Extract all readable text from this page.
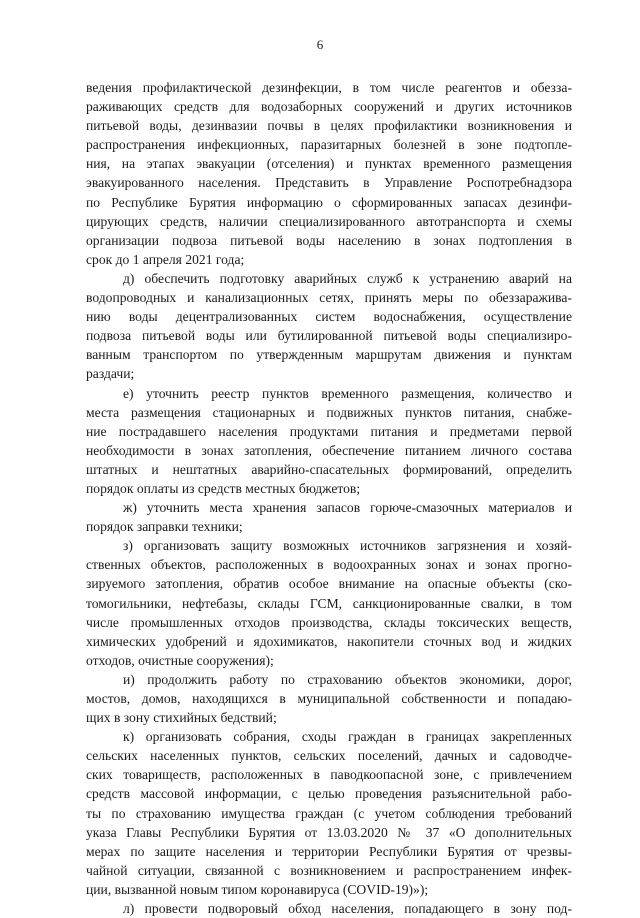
6
ведения профилактической дезинфекции, в том числе реагентов и обезза-
раживающих средств для водозаборных сооружений и других источников
питьевой воды, дезинвазии почвы в целях профилактики возникновения и
распространения инфекционных, паразитарных болезней в зоне подтопле-
ния, на этапах эвакуации (отселения) и пунктах временного размещения
эвакуированного населения. Представить в Управление Роспотребнадзора
по Республике Бурятия информацию о сформированных запасах дезинфи-
цирующих средств, наличии специализированного автотранспорта и схемы
организации подвоза питьевой воды населению в зонах подтопления в
срок до 1 апреля 2021 года;
д) обеспечить подготовку аварийных служб к устранению аварий на
водопроводных и канализационных сетях, принять меры по обеззаражива-
нию воды децентрализованных систем водоснабжения, осуществление
подвоза питьевой воды или бутилированной питьевой воды специализиро-
ванным транспортом по утвержденным маршрутам движения и пунктам
раздачи;
е) уточнить реестр пунктов временного размещения, количество и
места размещения стационарных и подвижных пунктов питания, снабже-
ние пострадавшего населения продуктами питания и предметами первой
необходимости в зонах затопления, обеспечение питанием личного состава
штатных и нештатных аварийно-спасательных формирований, определить
порядок оплаты из средств местных бюджетов;
ж) уточнить места хранения запасов горюче-смазочных материалов и
порядок заправки техники;
з) организовать защиту возможных источников загрязнения и хозяй-
ственных объектов, расположенных в водоохранных зонах и зонах прогно-
зируемого затопления, обратив особое внимание на опасные объекты (ско-
томогильники, нефтебазы, склады ГСМ, санкционированные свалки, в том
числе промышленных отходов производства, склады токсических веществ,
химических удобрений и ядохимикатов, накопители сточных вод и жидких
отходов, очистные сооружения);
и) продолжить работу по страхованию объектов экономики, дорог,
мостов, домов, находящихся в муниципальной собственности и попадаю-
щих в зону стихийных бедствий;
к) организовать собрания, сходы граждан в границах закрепленных
сельских населенных пунктов, сельских поселений, дачных и садоводче-
ских товариществ, расположенных в паводкоопасной зоне, с привлечением
средств массовой информации, с целью проведения разъяснительной рабо-
ты по страхованию имущества граждан (с учетом соблюдения требований
указа Главы Республики Бурятия от 13.03.2020 № 37 «О дополнительных
мерах по защите населения и территории Республики Бурятия от чрезвы-
чайной ситуации, связанной с возникновением и распространением инфек-
ции, вызванной новым типом коронавируса (COVID-19)»);
л) провести подворовый обход населения, попадающего в зону под-
